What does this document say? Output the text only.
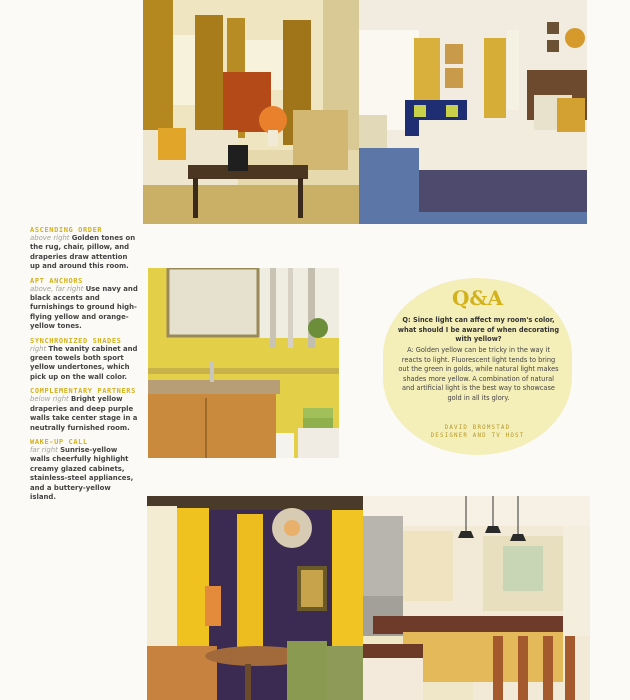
ASCENDING ORDER
above right Golden tones on the rug, chair, pillow, and draperies draw attention up and around this room.
APT ANCHORS
above, far right Use navy and black accents and furnishings to ground high-flying yellow and orange-yellow tones.
SYNCHRONIZED SHADES
right The vanity cabinet and green towels both sport yellow undertones, which pick up on the wall color.
COMPLEMENTARY PARTNERS
below right Bright yellow draperies and deep purple walls take center stage in a neutrally furnished room.
WAKE-UP CALL
far right Sunrise-yellow walls cheerfully highlight creamy glazed cabinets, stainless-steel appliances, and a buttery-yellow island.
Q&A
Q: Since light can affect my room's color, what should I be aware of when decorating with yellow?
A: Golden yellow can be tricky in the way it reacts to light. Fluorescent light tends to bring out the green in golds, while natural light makes shades more yellow. A combination of natural and artificial light is the best way to showcase gold in all its glory.
DAVID BROMSTAD
DESIGNER AND TV HOST
